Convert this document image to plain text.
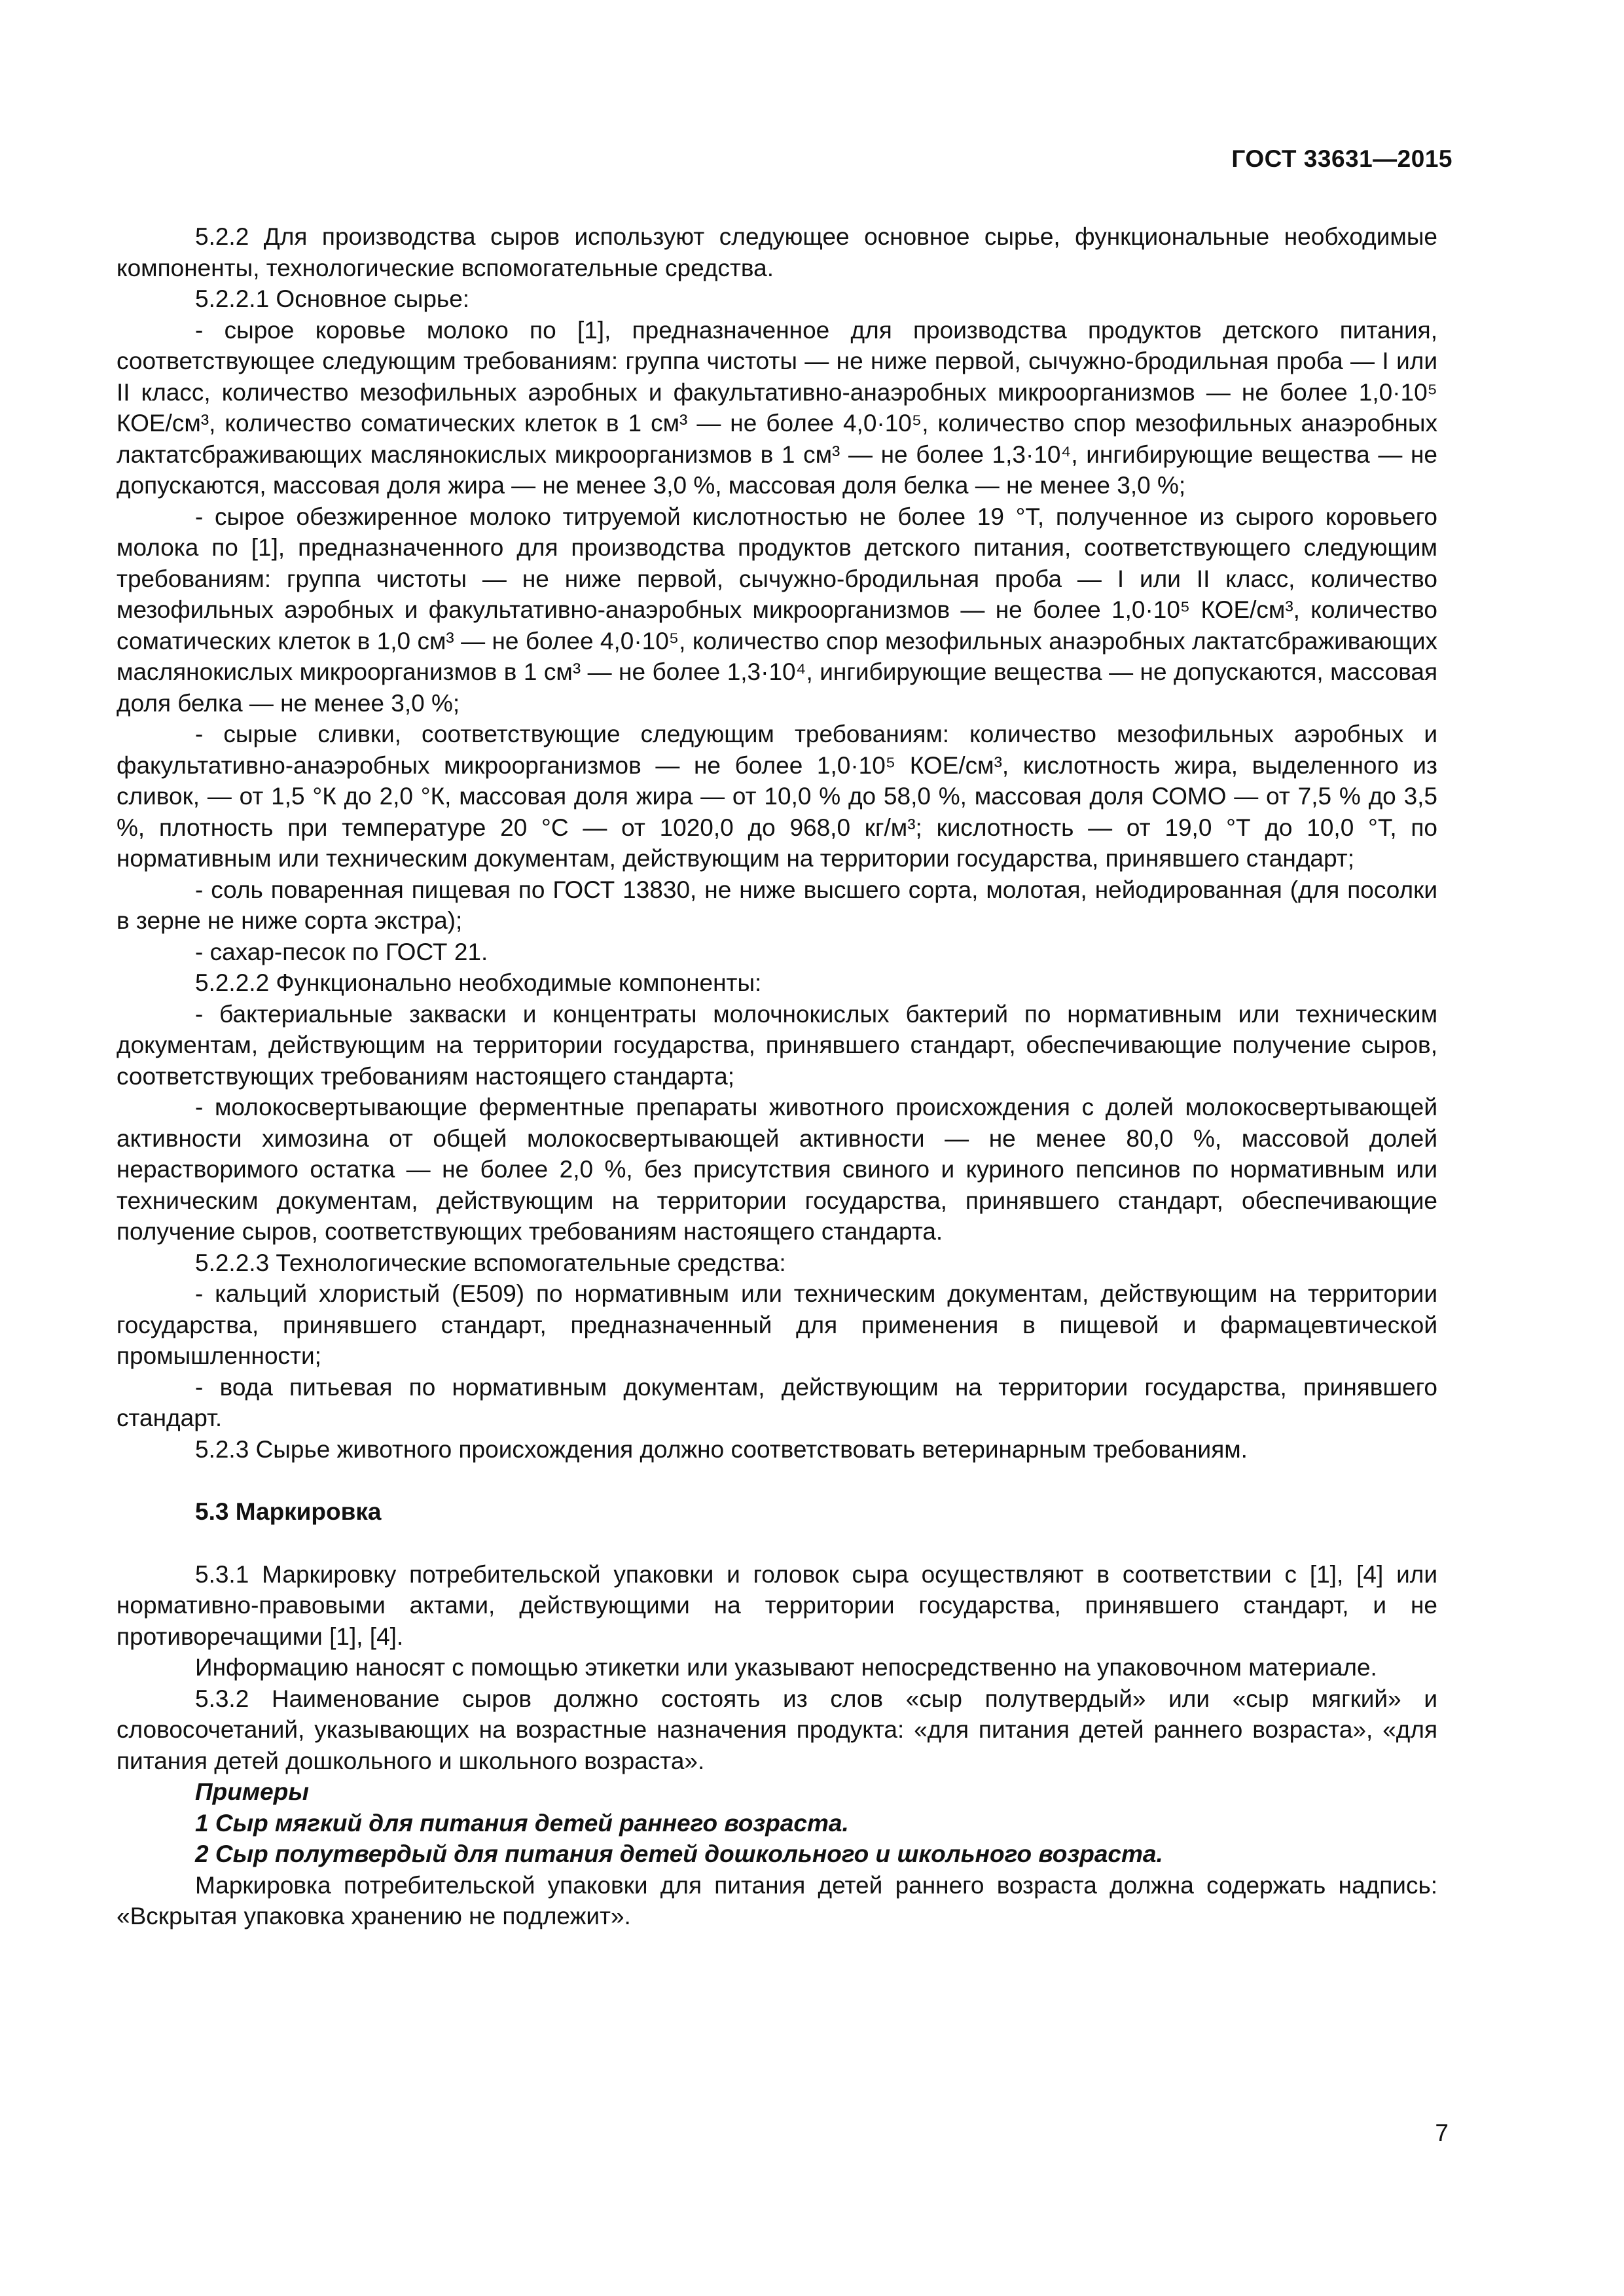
ГОСТ 33631—2015

5.2.2 Для производства сыров используют следующее основное сырье, функциональные необходимые компоненты, технологические вспомогательные средства.

5.2.2.1 Основное сырье:

- сырое коровье молоко по [1], предназначенное для производства продуктов детского питания, соответствующее следующим требованиям: группа чистоты — не ниже первой, сычужно-бродильная проба — I или II класс, количество мезофильных аэробных и факультативно-анаэробных микроорганизмов — не более 1,0·10⁵ КОЕ/см³, количество соматических клеток в 1 см³ — не более 4,0·10⁵, количество спор мезофильных анаэробных лактатсбраживающих маслянокислых микроорганизмов в 1 см³ — не более 1,3·10⁴, ингибирующие вещества — не допускаются, массовая доля жира — не менее 3,0 %, массовая доля белка — не менее 3,0 %;

- сырое обезжиренное молоко титруемой кислотностью не более 19 °Т, полученное из сырого коровьего молока по [1], предназначенного для производства продуктов детского питания, соответствующего следующим требованиям: группа чистоты — не ниже первой, сычужно-бродильная проба — I или II класс, количество мезофильных аэробных и факультативно-анаэробных микроорганизмов — не более 1,0·10⁵ КОЕ/см³, количество соматических клеток в 1,0 см³ — не более 4,0·10⁵, количество спор мезофильных анаэробных лактатсбраживающих маслянокислых микроорганизмов в 1 см³ — не более 1,3·10⁴, ингибирующие вещества — не допускаются, массовая доля белка — не менее 3,0 %;

- сырые сливки, соответствующие следующим требованиям: количество мезофильных аэробных и факультативно-анаэробных микроорганизмов — не более 1,0·10⁵ КОЕ/см³, кислотность жира, выделенного из сливок, — от 1,5 °К до 2,0 °К, массовая доля жира — от 10,0 % до 58,0 %, массовая доля СОМО — от 7,5 % до 3,5 %, плотность при температуре 20 °С — от 1020,0 до 968,0 кг/м³; кислотность — от 19,0 °Т до 10,0 °Т, по нормативным или техническим документам, действующим на территории государства, принявшего стандарт;

- соль поваренная пищевая по ГОСТ 13830, не ниже высшего сорта, молотая, нейодированная (для посолки в зерне не ниже сорта экстра);

- сахар-песок по ГОСТ 21.

5.2.2.2 Функционально необходимые компоненты:

- бактериальные закваски и концентраты молочнокислых бактерий по нормативным или техническим документам, действующим на территории государства, принявшего стандарт, обеспечивающие получение сыров, соответствующих требованиям настоящего стандарта;

- молокосвертывающие ферментные препараты животного происхождения с долей молокосвертывающей активности химозина от общей молокосвертывающей активности — не менее 80,0 %, массовой долей нерастворимого остатка — не более 2,0 %, без присутствия свиного и куриного пепсинов по нормативным или техническим документам, действующим на территории государства, принявшего стандарт, обеспечивающие получение сыров, соответствующих требованиям настоящего стандарта.

5.2.2.3 Технологические вспомогательные средства:

- кальций хлористый (Е509) по нормативным или техническим документам, действующим на территории государства, принявшего стандарт, предназначенный для применения в пищевой и фармацевтической промышленности;

- вода питьевая по нормативным документам, действующим на территории государства, принявшего стандарт.

5.2.3 Сырье животного происхождения должно соответствовать ветеринарным требованиям.

5.3 Маркировка

5.3.1 Маркировку потребительской упаковки и головок сыра осуществляют в соответствии с [1], [4] или нормативно-правовыми актами, действующими на территории государства, принявшего стандарт, и не противоречащими [1], [4].

Информацию наносят с помощью этикетки или указывают непосредственно на упаковочном материале.

5.3.2 Наименование сыров должно состоять из слов «сыр полутвердый» или «сыр мягкий» и словосочетаний, указывающих на возрастные назначения продукта: «для питания детей раннего возраста», «для питания детей дошкольного и школьного возраста».

Примеры

1 Сыр мягкий для питания детей раннего возраста.

2 Сыр полутвердый для питания детей дошкольного и школьного возраста.

Маркировка потребительской упаковки для питания детей раннего возраста должна содержать надпись: «Вскрытая упаковка хранению не подлежит».

7
